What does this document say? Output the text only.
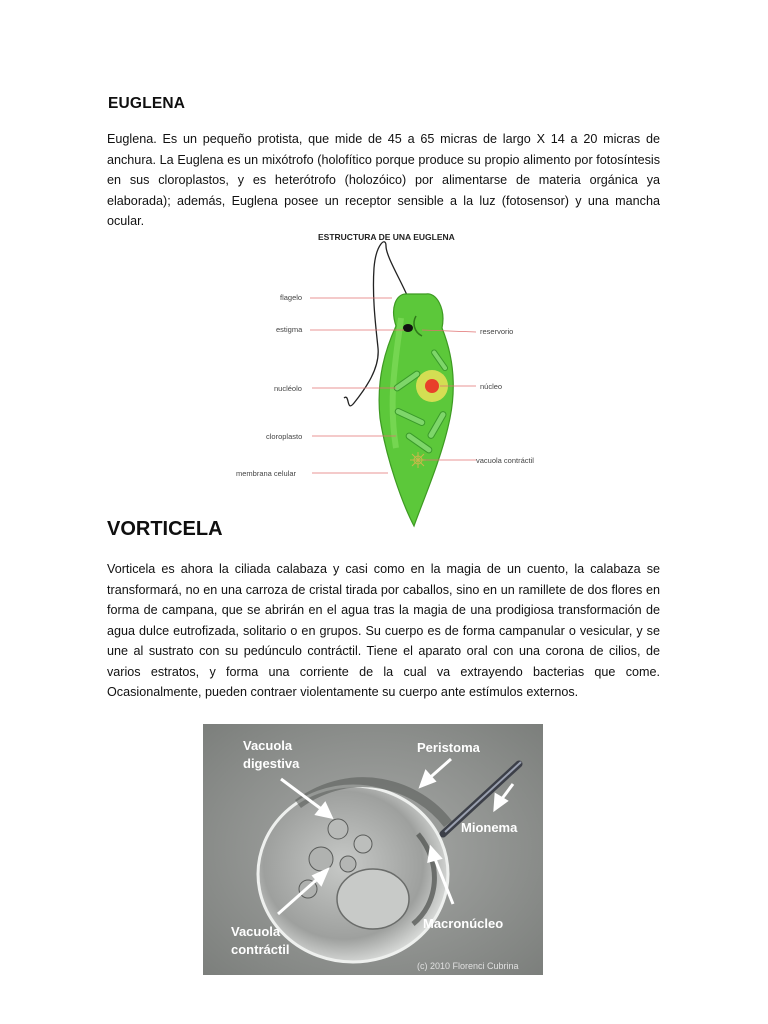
EUGLENA

Euglena. Es un pequeño protista, que mide de 45 a 65 micras de largo X 14 a 20 micras de anchura. La Euglena es un mixótrofo (holofítico porque produce su propio alimento por fotosíntesis en sus cloroplastos, y es heterótrofo (holozóico) por alimentarse de materia orgánica ya elaborada); además, Euglena posee un receptor sensible a la luz (fotosensor) y una mancha ocular.

ESTRUCTURA DE UNA EUGLENA
flagelo
estigma	reservorio
nucléolo	núcleo
cloroplasto
vacuola contráctil
membrana celular
VORTICELA

Vorticela es ahora la ciliada calabaza y casi como en la magia de un cuento, la calabaza se transformará, no en una carroza de cristal tirada por caballos, sino en un ramillete de dos flores en forma de campana, que se abrirán en el agua tras la magia de una prodigiosa transformación de agua dulce eutrofizada, solitario o en grupos. Su cuerpo es de forma campanular o vesicular, y se une al sustrato con su pedúnculo contráctil. Tiene el aparato oral con una corona de cilios, de varios estratos, y forma una corriente de la cual va extrayendo bacterias que come. Ocasionalmente, pueden contraer violentamente su cuerpo ante estímulos externos.

Vacuola
digestiva
Peristoma
Mionema
Macronúcleo
Vacuola
contráctil
(c) 2010 Florenci Cubrina
